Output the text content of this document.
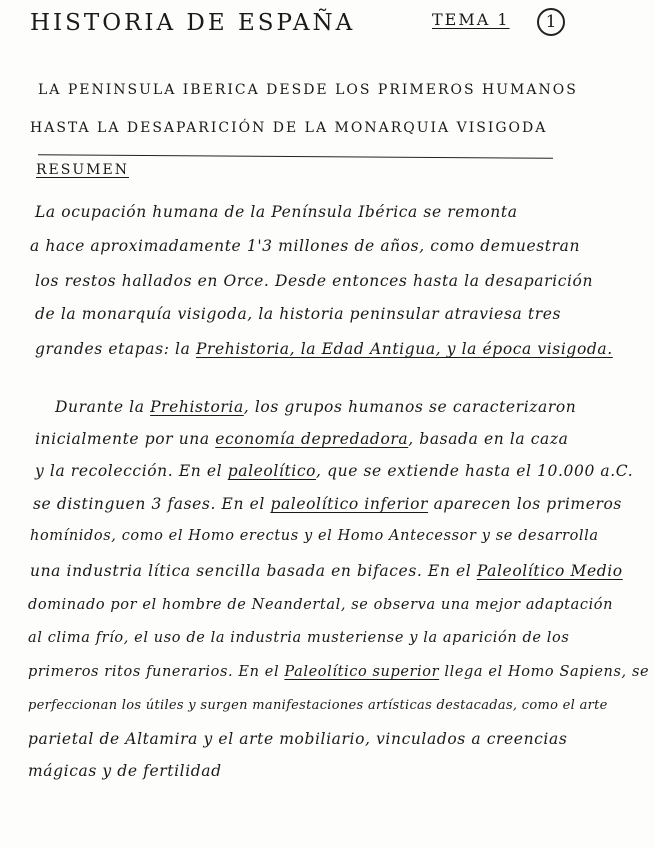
HISTORIA DE ESPAÑA	TEMA 1	1
LA PENINSULA IBERICA DESDE LOS PRIMEROS HUMANOS
HASTA LA DESAPARICIÓN DE LA MONARQUIA VISIGODA
RESUMEN
La ocupación humana de la Península Ibérica se remonta
a hace aproximadamente 1'3 millones de años, como demuestran
los restos hallados en Orce. Desde entonces hasta la desaparición
de la monarquía visigoda, la historia peninsular atraviesa tres
grandes etapas: la Prehistoria, la Edad Antigua, y la época visigoda.
Durante la Prehistoria, los grupos humanos se caracterizaron
inicialmente por una economía depredadora, basada en la caza
y la recolección. En el paleolítico, que se extiende hasta el 10.000 a.C.
se distinguen 3 fases. En el paleolítico inferior aparecen los primeros
homínidos, como el Homo erectus y el Homo Antecessor y se desarrolla
una industria lítica sencilla basada en bifaces. En el Paleolítico Medio
dominado por el hombre de Neandertal, se observa una mejor adaptación
al clima frío, el uso de la industria musteriense y la aparición de los
primeros ritos funerarios. En el Paleolítico superior llega el Homo Sapiens, se
perfeccionan los útiles y surgen manifestaciones artísticas destacadas, como el arte
parietal de Altamira y el arte mobiliario, vinculados a creencias
mágicas y de fertilidad
